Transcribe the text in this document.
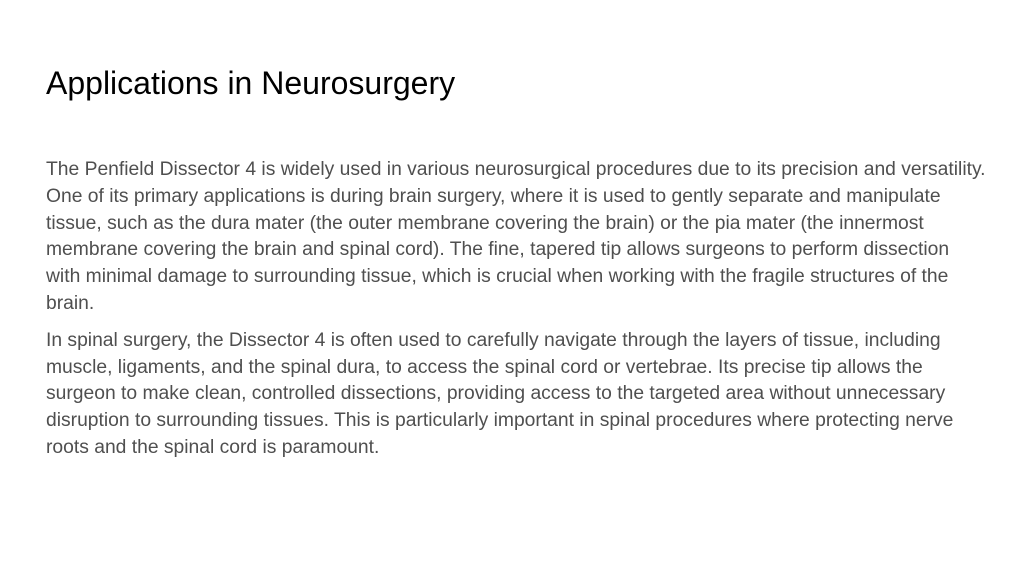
Applications in Neurosurgery

The Penfield Dissector 4 is widely used in various neurosurgical procedures due to its precision and versatility. One of its primary applications is during brain surgery, where it is used to gently separate and manipulate tissue, such as the dura mater (the outer membrane covering the brain) or the pia mater (the innermost membrane covering the brain and spinal cord). The fine, tapered tip allows surgeons to perform dissection with minimal damage to surrounding tissue, which is crucial when working with the fragile structures of the brain.

In spinal surgery, the Dissector 4 is often used to carefully navigate through the layers of tissue, including muscle, ligaments, and the spinal dura, to access the spinal cord or vertebrae. Its precise tip allows the surgeon to make clean, controlled dissections, providing access to the targeted area without unnecessary disruption to surrounding tissues. This is particularly important in spinal procedures where protecting nerve roots and the spinal cord is paramount.
